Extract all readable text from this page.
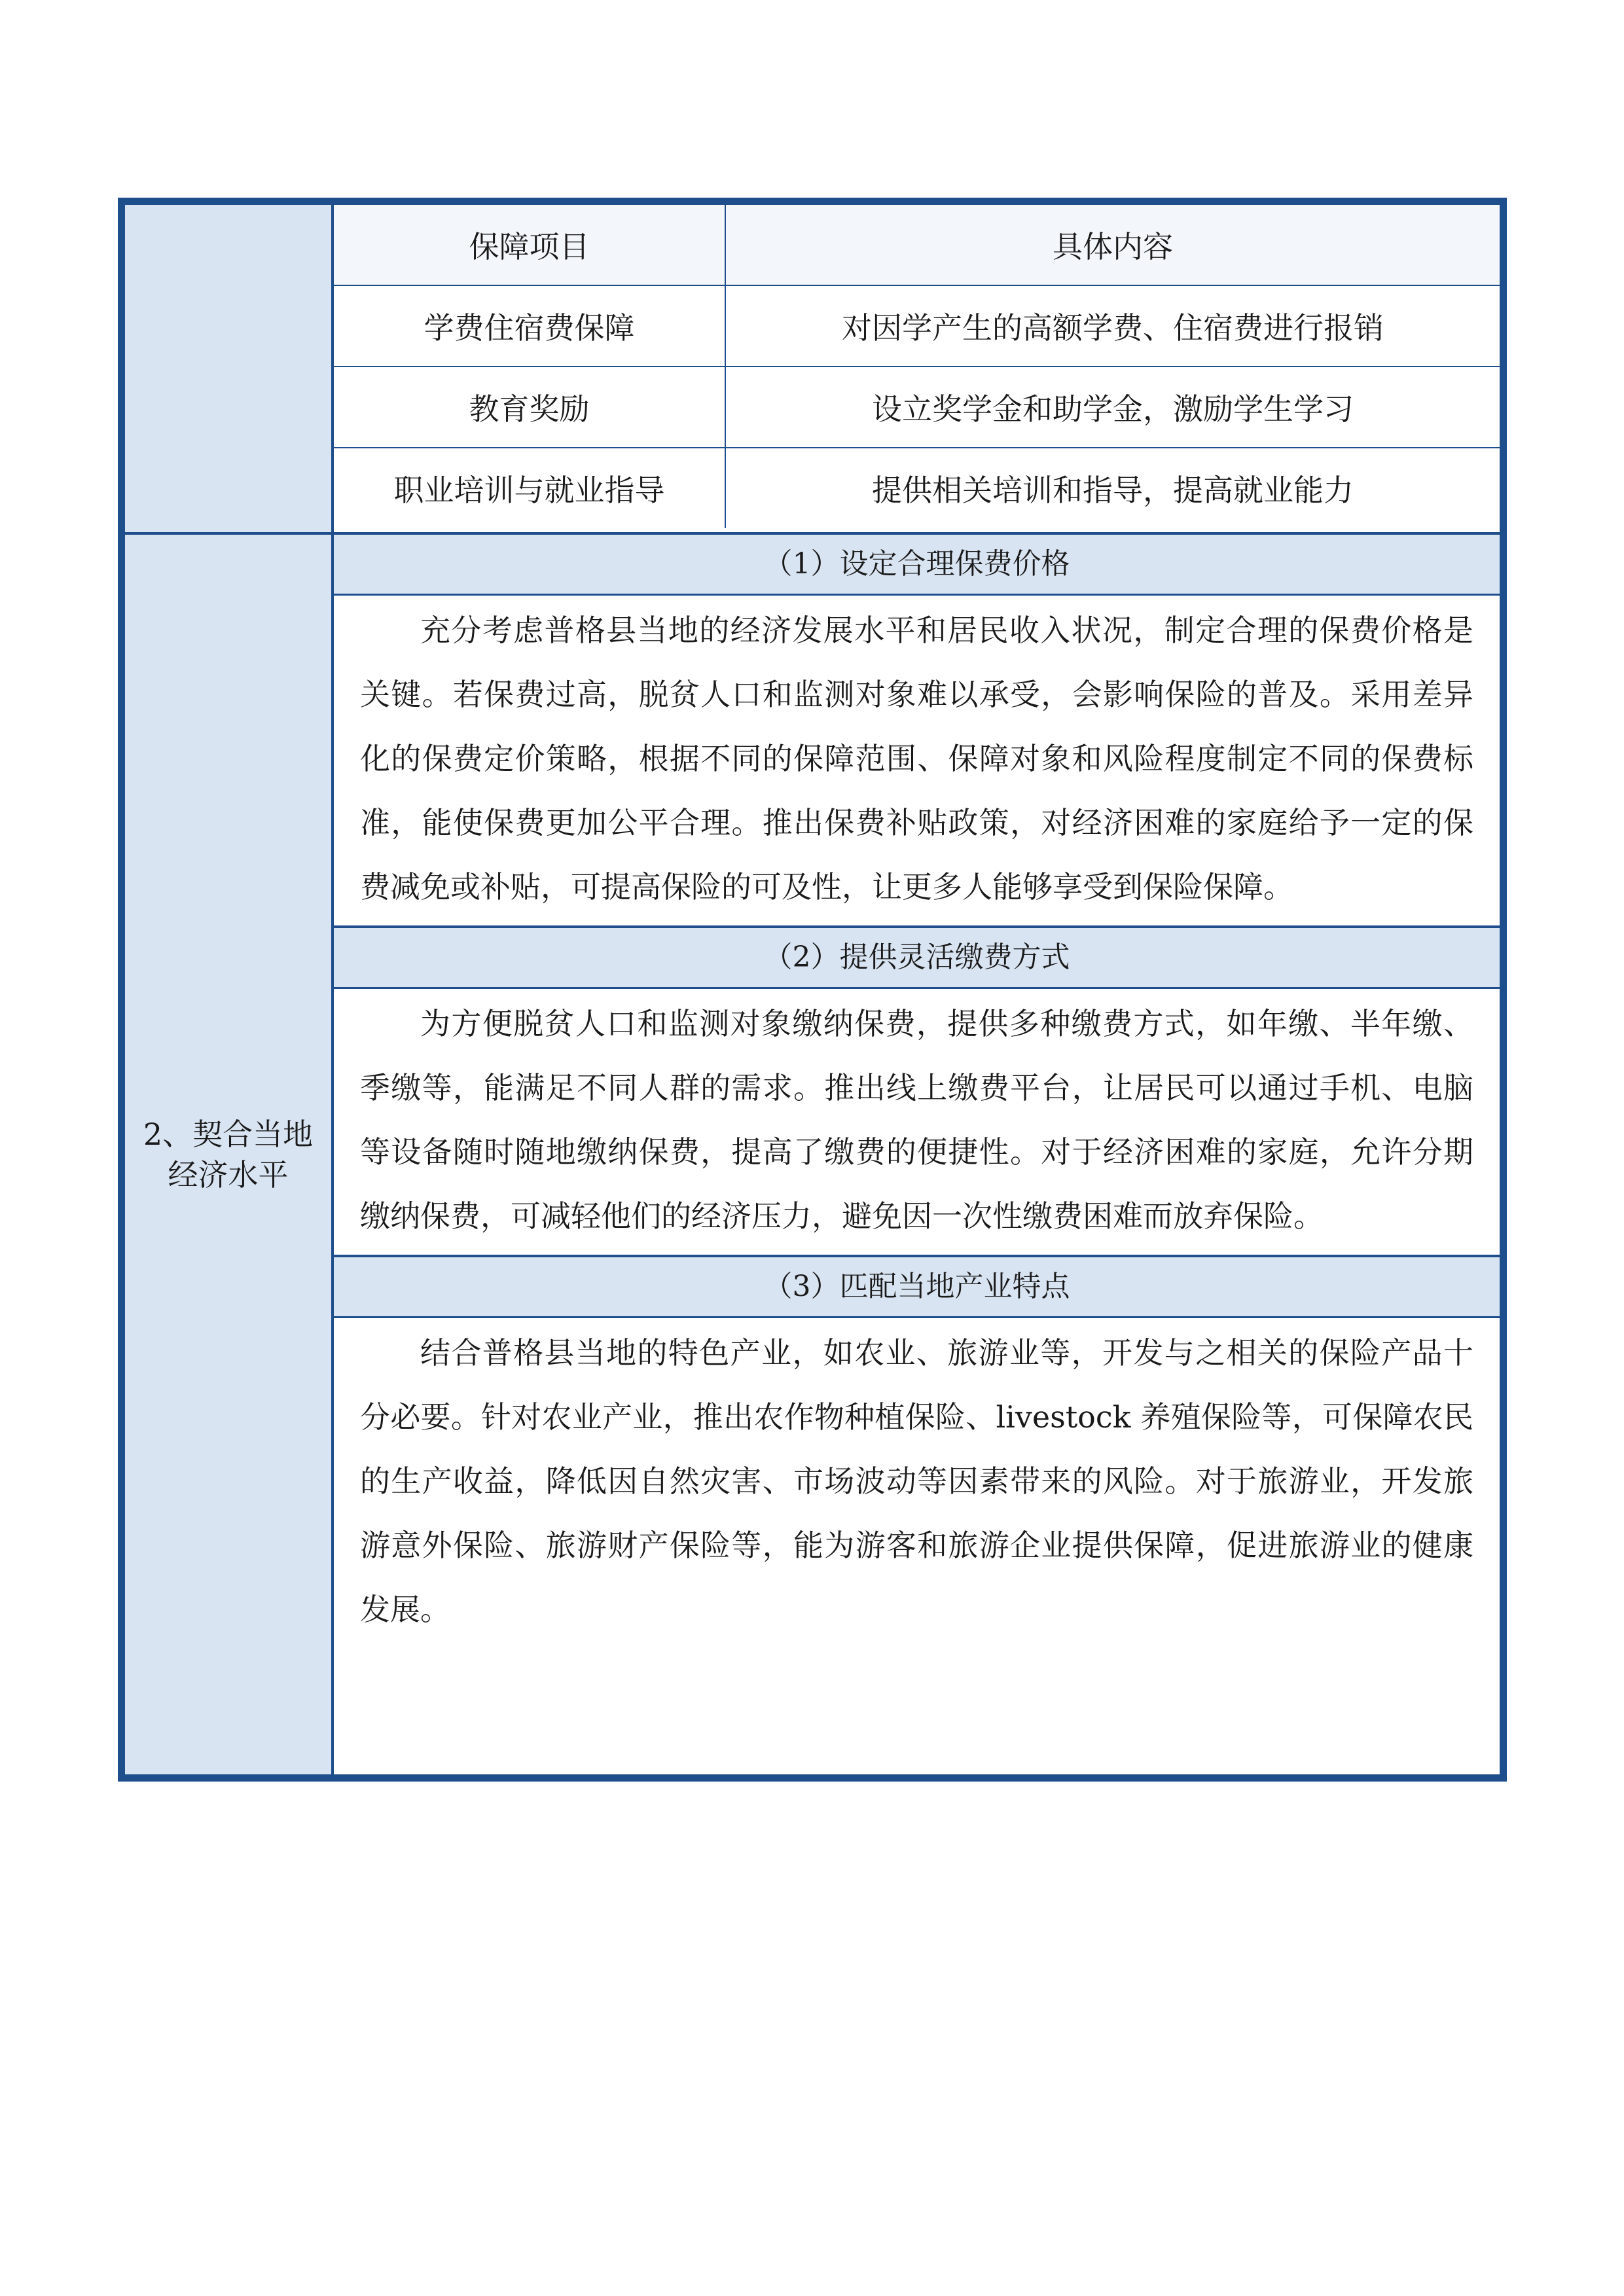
保障项目	具体内容
学费住宿费保障	对因学产生的高额学费、住宿费进行报销
教育奖励	设立奖学金和助学金，激励学生学习
职业培训与就业指导	提供相关培训和指导，提高就业能力

2、契合当地经济水平

（1）设定合理保费价格
充分考虑普格县当地的经济发展水平和居民收入状况，制定合理的保费价格是关键。若保费过高，脱贫人口和监测对象难以承受，会影响保险的普及。采用差异化的保费定价策略，根据不同的保障范围、保障对象和风险程度制定不同的保费标准，能使保费更加公平合理。推出保费补贴政策，对经济困难的家庭给予一定的保费减免或补贴，可提高保险的可及性，让更多人能够享受到保险保障。
（2）提供灵活缴费方式
为方便脱贫人口和监测对象缴纳保费，提供多种缴费方式，如年缴、半年缴、季缴等，能满足不同人群的需求。推出线上缴费平台，让居民可以通过手机、电脑等设备随时随地缴纳保费，提高了缴费的便捷性。对于经济困难的家庭，允许分期缴纳保费，可减轻他们的经济压力，避免因一次性缴费困难而放弃保险。
（3）匹配当地产业特点
结合普格县当地的特色产业，如农业、旅游业等，开发与之相关的保险产品十分必要。针对农业产业，推出农作物种植保险、livestock 养殖保险等，可保障农民的生产收益，降低因自然灾害、市场波动等因素带来的风险。对于旅游业，开发旅游意外保险、旅游财产保险等，能为游客和旅游企业提供保障，促进旅游业的健康发展。
